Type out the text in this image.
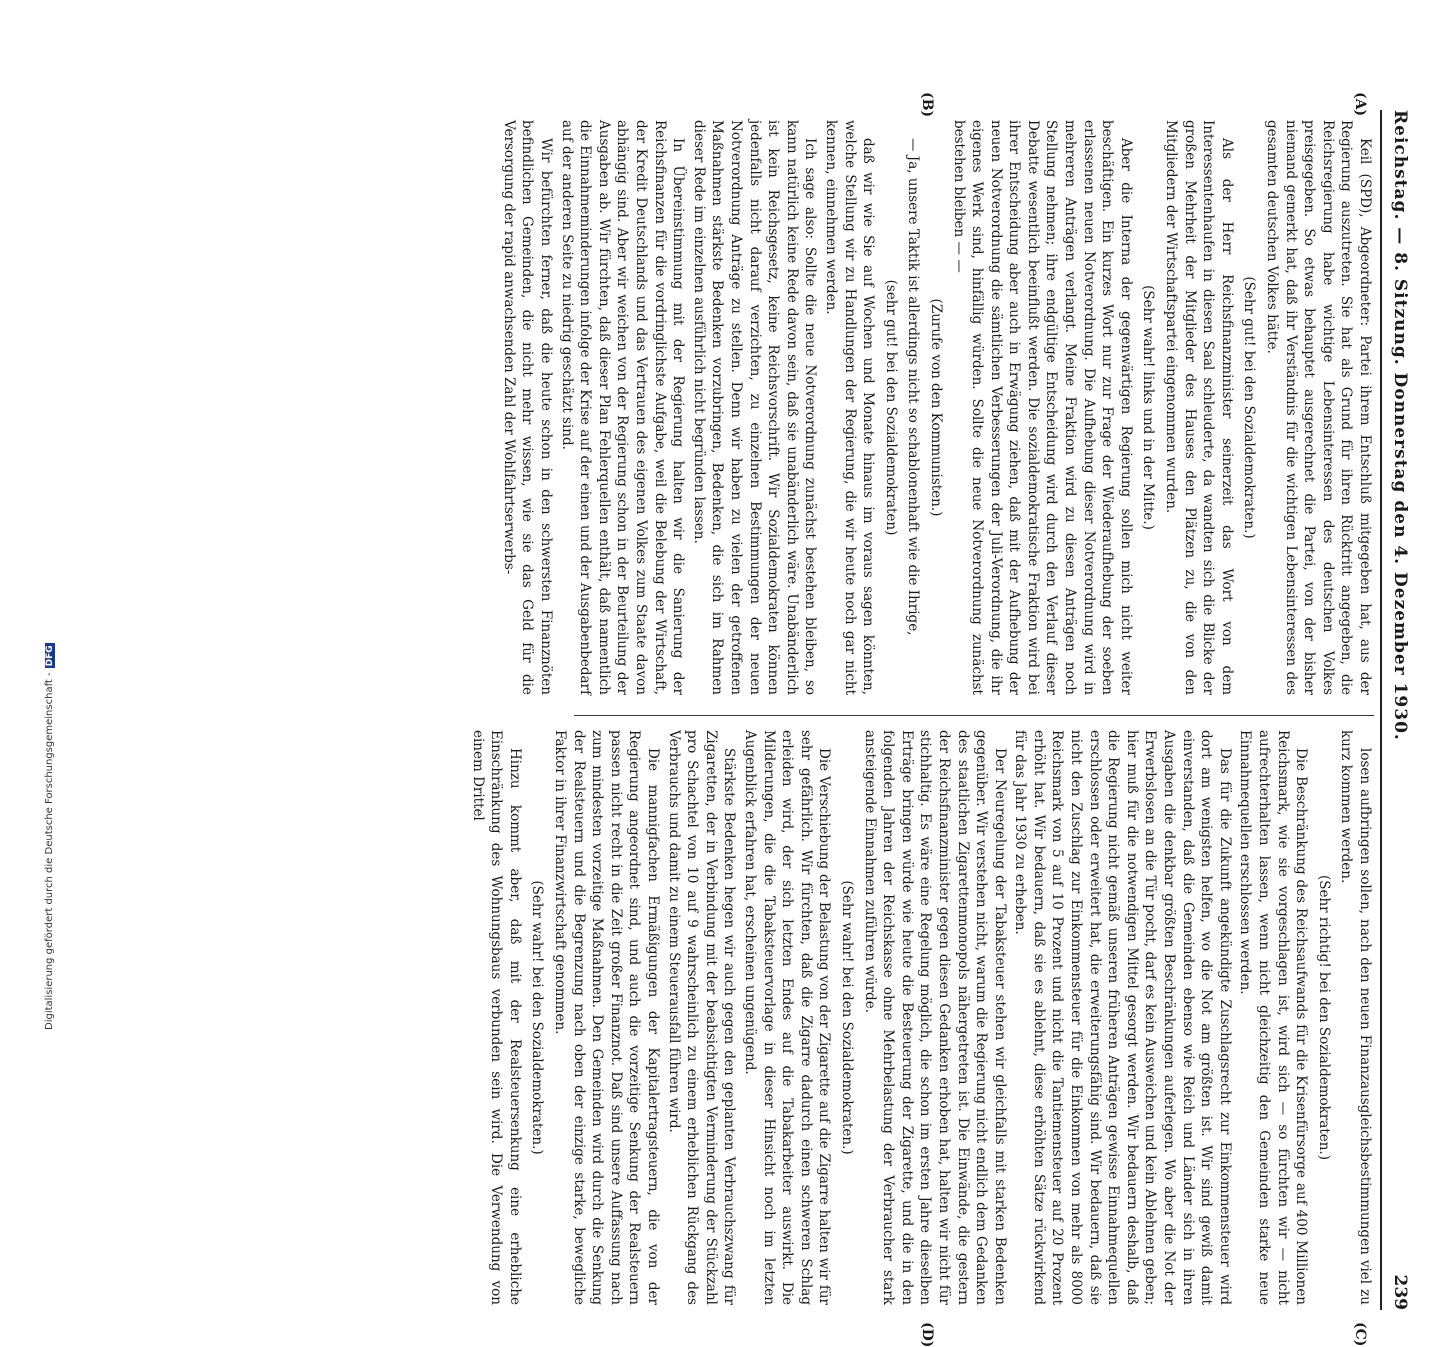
Reichstag. — 8. Sitzung. Donnerstag den 4. Dezember 1930.
239
(A)
(B)
(C)
(D)

Keil (SPD), Abgeordneter: Partei ihrem Entschluß mitgegeben hat, aus der Regierung auszutreten. Sie hat als Grund für ihren Rücktritt angegeben, die Reichsregierung habe wichtige Lebensinteressen des deutschen Volkes preisgegeben. So etwas behauptet ausgerechnet die Partei, von der bisher niemand gemerkt hat, daß ihr Verständnis für die wichtigen Lebensinteressen des gesamten deutschen Volkes hätte.

(Sehr gut! bei den Sozialdemokraten.)

Als der Herr Reichsfinanzminister seinerzeit das Wort von dem Interessentenhaufen in diesen Saal schleuderte, da wandten sich die Blicke der großen Mehrheit der Mitglieder des Hauses den Plätzen zu, die von den Mitgliedern der Wirtschaftspartei eingenommen wurden.

(Sehr wahr! links und in der Mitte.)

Aber die Interna der gegenwärtigen Regierung sollen mich nicht weiter beschäftigen. Ein kurzes Wort nur zur Frage der Wiederaufhebung der soeben erlassenen neuen Notverordnung. Die Aufhebung dieser Notverordnung wird in mehreren Anträgen verlangt. Meine Fraktion wird zu diesen Anträgen noch Stellung nehmen; ihre endgültige Entscheidung wird durch den Verlauf dieser Debatte wesentlich beeinflußt werden. Die sozialdemokratische Fraktion wird bei ihrer Entscheidung aber auch in Erwägung ziehen, daß mit der Aufhebung der neuen Notverordnung die sämtlichen Verbesserungen der Juli-Verordnung, die ihr eigenes Werk sind, hinfällig würden. Sollte die neue Notverordnung zunächst bestehen bleiben — —

(Zurufe von den Kommunisten.)

— Ja, unsere Taktik ist allerdings nicht so schablonenhaft wie die Ihrige,

(sehr gut! bei den Sozialdemokraten)

daß wir wie Sie auf Wochen und Monate hinaus im voraus sagen könnten, welche Stellung wir zu Handlungen der Regierung, die wir heute noch gar nicht kennen, einnehmen werden.

Ich sage also: Sollte die neue Notverordnung zunächst bestehen bleiben, so kann natürlich keine Rede davon sein, daß sie unabänderlich wäre. Unabänderlich ist kein Reichsgesetz, keine Reichsvorschrift. Wir Sozialdemokraten können jedenfalls nicht darauf verzichten, zu einzelnen Bestimmungen der neuen Notverordnung Anträge zu stellen. Denn wir haben zu vielen der getroffenen Maßnahmen stärkste Bedenken vorzubringen, Bedenken, die sich im Rahmen dieser Rede im einzelnen ausführlich nicht begründen lassen.

In Übereinstimmung mit der Regierung halten wir die Sanierung der Reichsfinanzen für die vordringlichste Aufgabe, weil die Belebung der Wirtschaft, der Kredit Deutschlands und das Vertrauen des eigenen Volkes zum Staate davon abhängig sind. Aber wir weichen von der Regierung schon in der Beurteilung der Ausgaben ab. Wir fürchten, daß dieser Plan Fehlerquellen enthält, daß namentlich die Einnahmeminderungen infolge der Krise auf der einen und der Ausgabenbedarf auf der anderen Seite zu niedrig geschätzt sind.

Wir befürchten ferner, daß die heute schon in den schwersten Finanznöten befindlichen Gemeinden, die nicht mehr wissen, wie sie das Geld für die Versorgung der rapid anwachsenden Zahl der Wohlfahrtserwerbs-

losen aufbringen sollen, nach den neuen Finanzausgleichsbestimmungen viel zu kurz kommen werden.

(Sehr richtig! bei den Sozialdemokraten.)

Die Beschränkung des Reichsaufwands für die Krisenfürsorge auf 400 Millionen Reichsmark, wie sie vorgeschlagen ist, wird sich — so fürchten wir — nicht aufrechterhalten lassen, wenn nicht gleichzeitig den Gemeinden starke neue Einnahmequellen erschlossen werden.

Das für die Zukunft angekündigte Zuschlagsrecht zur Einkommensteuer wird dort am wenigsten helfen, wo die Not am größten ist. Wir sind gewiß damit einverstanden, daß die Gemeinden ebenso wie Reich und Länder sich in ihren Ausgaben die denkbar größten Beschränkungen auferlegen. Wo aber die Not der Erwerbslosen an die Tür pocht, darf es kein Ausweichen und kein Ablehnen geben; hier muß für die notwendigen Mittel gesorgt werden. Wir bedauern deshalb, daß die Regierung nicht gemäß unseren früheren Anträgen gewisse Einnahmequellen erschlossen oder erweitert hat, die erweiterungsfähig sind. Wir bedauern, daß sie nicht den Zuschlag zur Einkommensteuer für die Einkommen von mehr als 8000 Reichsmark von 5 auf 10 Prozent und nicht die Tantiemensteuer auf 20 Prozent erhöht hat. Wir bedauern, daß sie es ablehnt, diese erhöhten Sätze rückwirkend für das Jahr 1930 zu erheben.

Der Neuregelung der Tabaksteuer stehen wir gleichfalls mit starken Bedenken gegenüber. Wir verstehen nicht, warum die Regierung nicht endlich dem Gedanken des staatlichen Zigarettenmonopols nähergetreten ist. Die Einwände, die gestern der Reichsfinanzminister gegen diesen Gedanken erhoben hat, halten wir nicht für stichhaltig. Es wäre eine Regelung möglich, die schon im ersten Jahre dieselben Erträge bringen würde wie heute die Besteuerung der Zigarette, und die in den folgenden Jahren der Reichskasse ohne Mehrbelastung der Verbraucher stark ansteigende Einnahmen zuführen würde.

(Sehr wahr! bei den Sozialdemokraten.)

Die Verschiebung der Belastung von der Zigarette auf die Zigarre halten wir für sehr gefährlich. Wir fürchten, daß die Zigarre dadurch einen schweren Schlag erleiden wird, der sich letzten Endes auf die Tabakarbeiter auswirkt. Die Milderungen, die die Tabaksteuervorlage in dieser Hinsicht noch im letzten Augenblick erfahren hat, erscheinen ungenügend.

Stärkste Bedenken hegen wir auch gegen den geplanten Verbrauchszwang für Zigaretten, der in Verbindung mit der beabsichtigten Verminderung der Stückzahl pro Schachtel von 10 auf 9 wahrscheinlich zu einem erheblichen Rückgang des Verbrauchs und damit zu einem Steuerausfall führen wird.

Die mannigfachen Ermäßigungen der Kapitalertragsteuern, die von der Regierung angeordnet sind, und auch die vorzeitige Senkung der Realsteuern passen nicht recht in die Zeit großer Finanznot. Daß sind unsere Auffassung nach zum mindesten vorzeitige Maßnahmen. Den Gemeinden wird durch die Senkung der Realsteuern und die Begrenzung nach oben der einzige starke, bewegliche Faktor in ihrer Finanzwirtschaft genommen.

(Sehr wahr! bei den Sozialdemokraten.)

Hinzu kommt aber, daß mit der Realsteuersenkung eine erhebliche Einschränkung des Wohnungsbaus verbunden sein wird. Die Verwendung von einem Drittel

Digitalisierung gefördert durch die Deutsche Forschungsgemeinschaft -DFG
